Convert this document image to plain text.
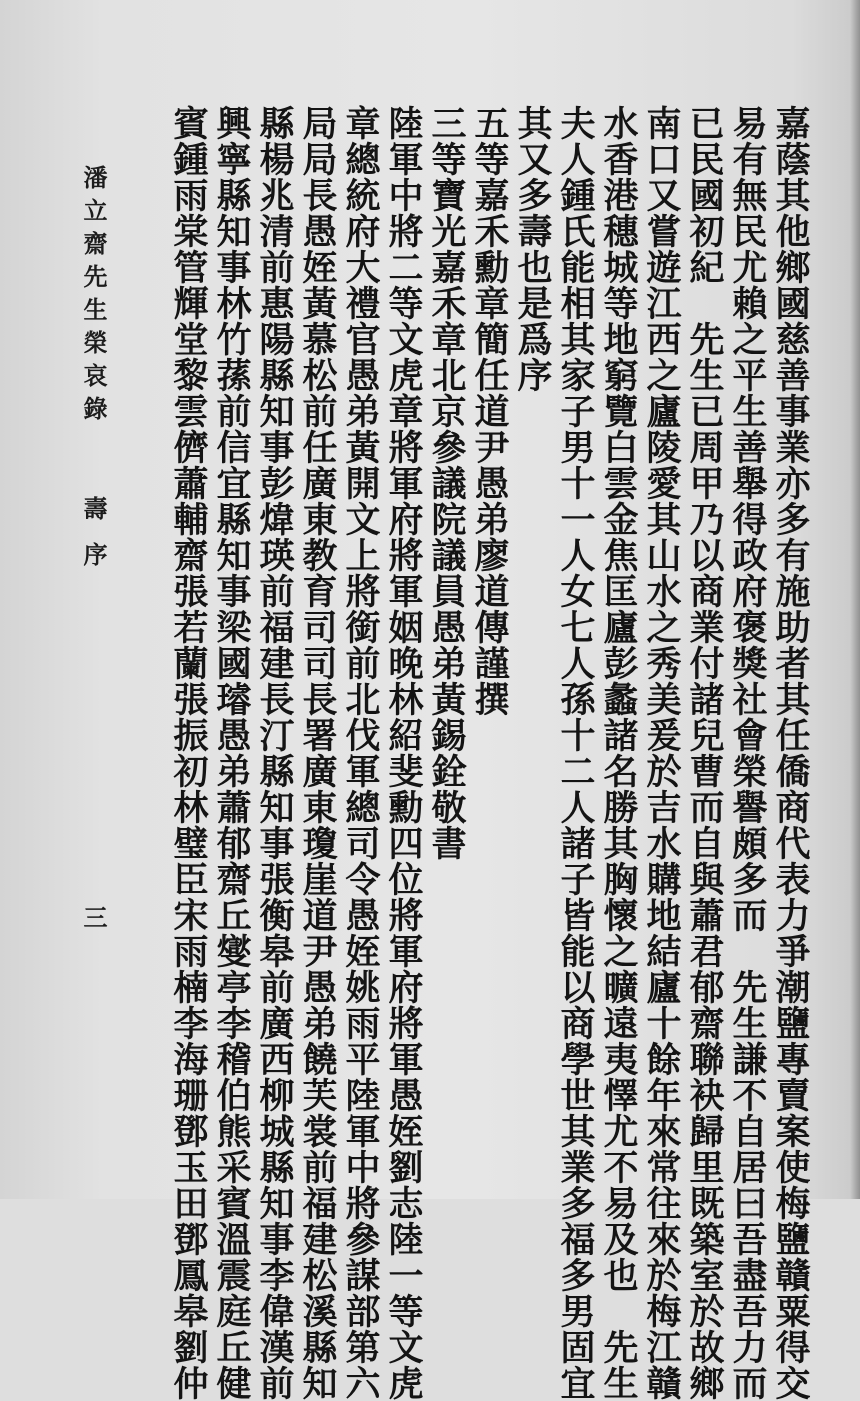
嘉蔭其他鄉國慈善事業亦多有施助者其任僑商代表力爭潮鹽專賣案使梅鹽贛粟得交
易有無民尤賴之平生善舉得政府褒獎社會榮譽頗多而　先生謙不自居曰吾盡吾力而
已民國初紀　先生已周甲乃以商業付諸兒曹而自與蕭君郁齋聯袂歸里既築室於故鄉
南口又嘗遊江西之廬陵愛其山水之秀美爰於吉水購地結廬十餘年來常往來於梅江贛
水香港穗城等地窮覽白雲金焦匡廬彭蠡諸名勝其胸懷之曠遠夷懌尤不易及也　先生
夫人鍾氏能相其家子男十一人女七人孫十二人諸子皆能以商學世其業多福多男固宜
其又多壽也是爲序
五等嘉禾勳章簡任道尹愚弟廖道傳謹撰
三等寶光嘉禾章北京參議院議員愚弟黃錫銓敬書
陸軍中將二等文虎章將軍府將軍姻晚林紹斐勳四位將軍府將軍愚姪劉志陸一等文虎
章總統府大禮官愚弟黃開文上將銜前北伐軍總司令愚姪姚雨平陸軍中將參謀部第六
局局長愚姪黃慕松前任廣東教育司司長署廣東瓊崖道尹愚弟饒芙裳前福建松溪縣知
縣楊兆清前惠陽縣知事彭煒瑛前福建長汀縣知事張衡皋前廣西柳城縣知事李偉漢前
興寧縣知事林竹蓀前信宜縣知事梁國璿愚弟蕭郁齋丘燮亭李稽伯熊采賓溫震庭丘健
賓鍾雨棠管輝堂黎雲儕蕭輔齋張若蘭張振初林璧臣宋雨楠李海珊鄧玉田鄧鳳皋劉仲
潘立齋先生榮哀錄
壽序
三
